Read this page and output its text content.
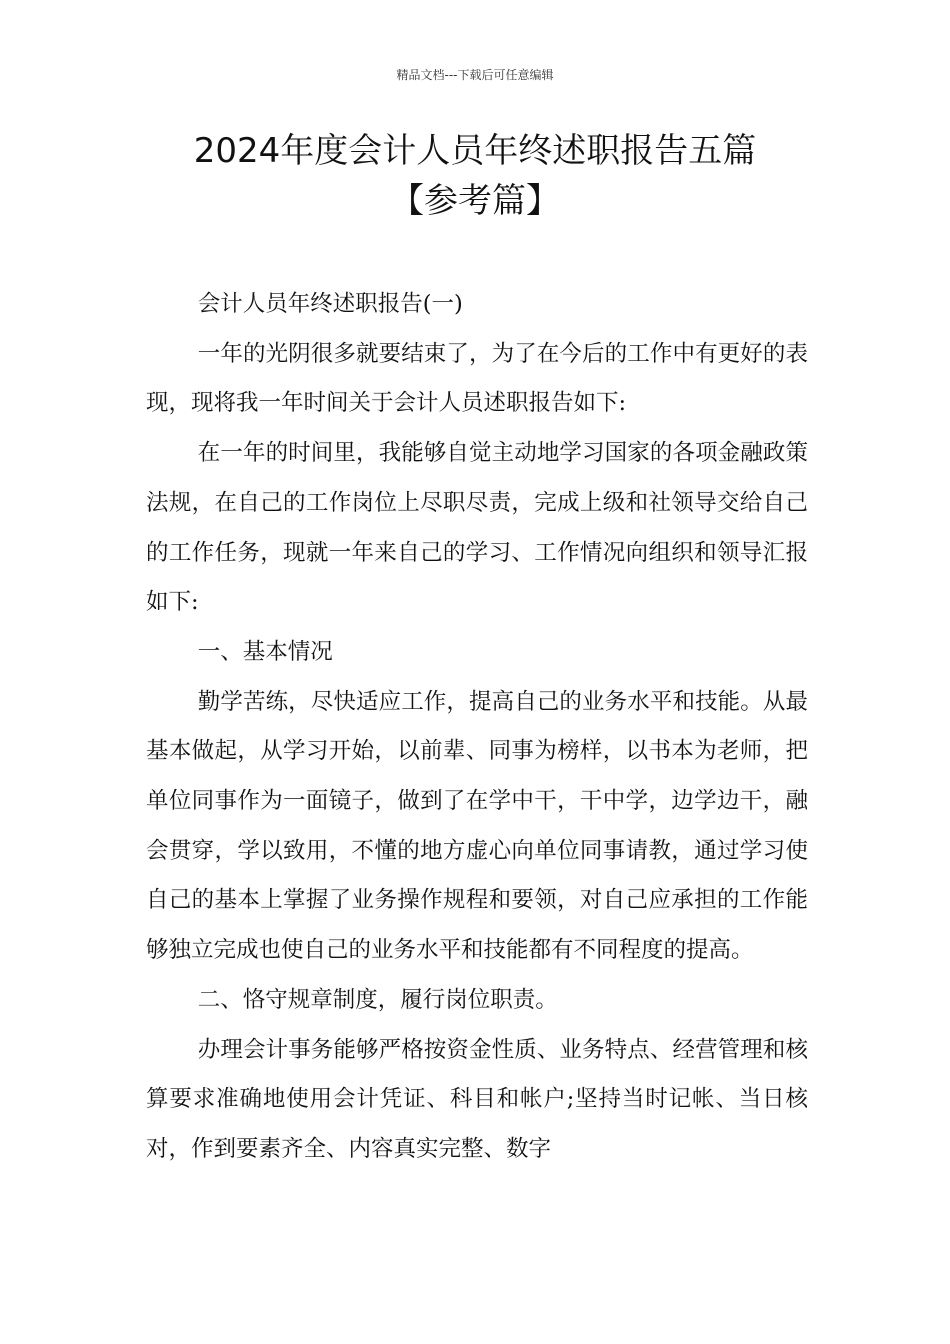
精品文档---下载后可任意编辑
2024年度会计人员年终述职报告五篇
【参考篇】

会计人员年终述职报告(一)

一年的光阴很多就要结束了，为了在今后的工作中有更好的表现，现将我一年时间关于会计人员述职报告如下:

在一年的时间里，我能够自觉主动地学习国家的各项金融政策法规，在自己的工作岗位上尽职尽责，完成上级和社领导交给自己的工作任务，现就一年来自己的学习、工作情况向组织和领导汇报如下:

一、基本情况

勤学苦练，尽快适应工作，提高自己的业务水平和技能。从最基本做起，从学习开始，以前辈、同事为榜样，以书本为老师，把单位同事作为一面镜子，做到了在学中干，干中学，边学边干，融会贯穿，学以致用，不懂的地方虚心向单位同事请教，通过学习使自己的基本上掌握了业务操作规程和要领，对自己应承担的工作能够独立完成也使自己的业务水平和技能都有不同程度的提高。

二、恪守规章制度，履行岗位职责。

办理会计事务能够严格按资金性质、业务特点、经营管理和核算要求准确地使用会计凭证、科目和帐户;坚持当时记帐、当日核对，作到要素齐全、内容真实完整、数字
